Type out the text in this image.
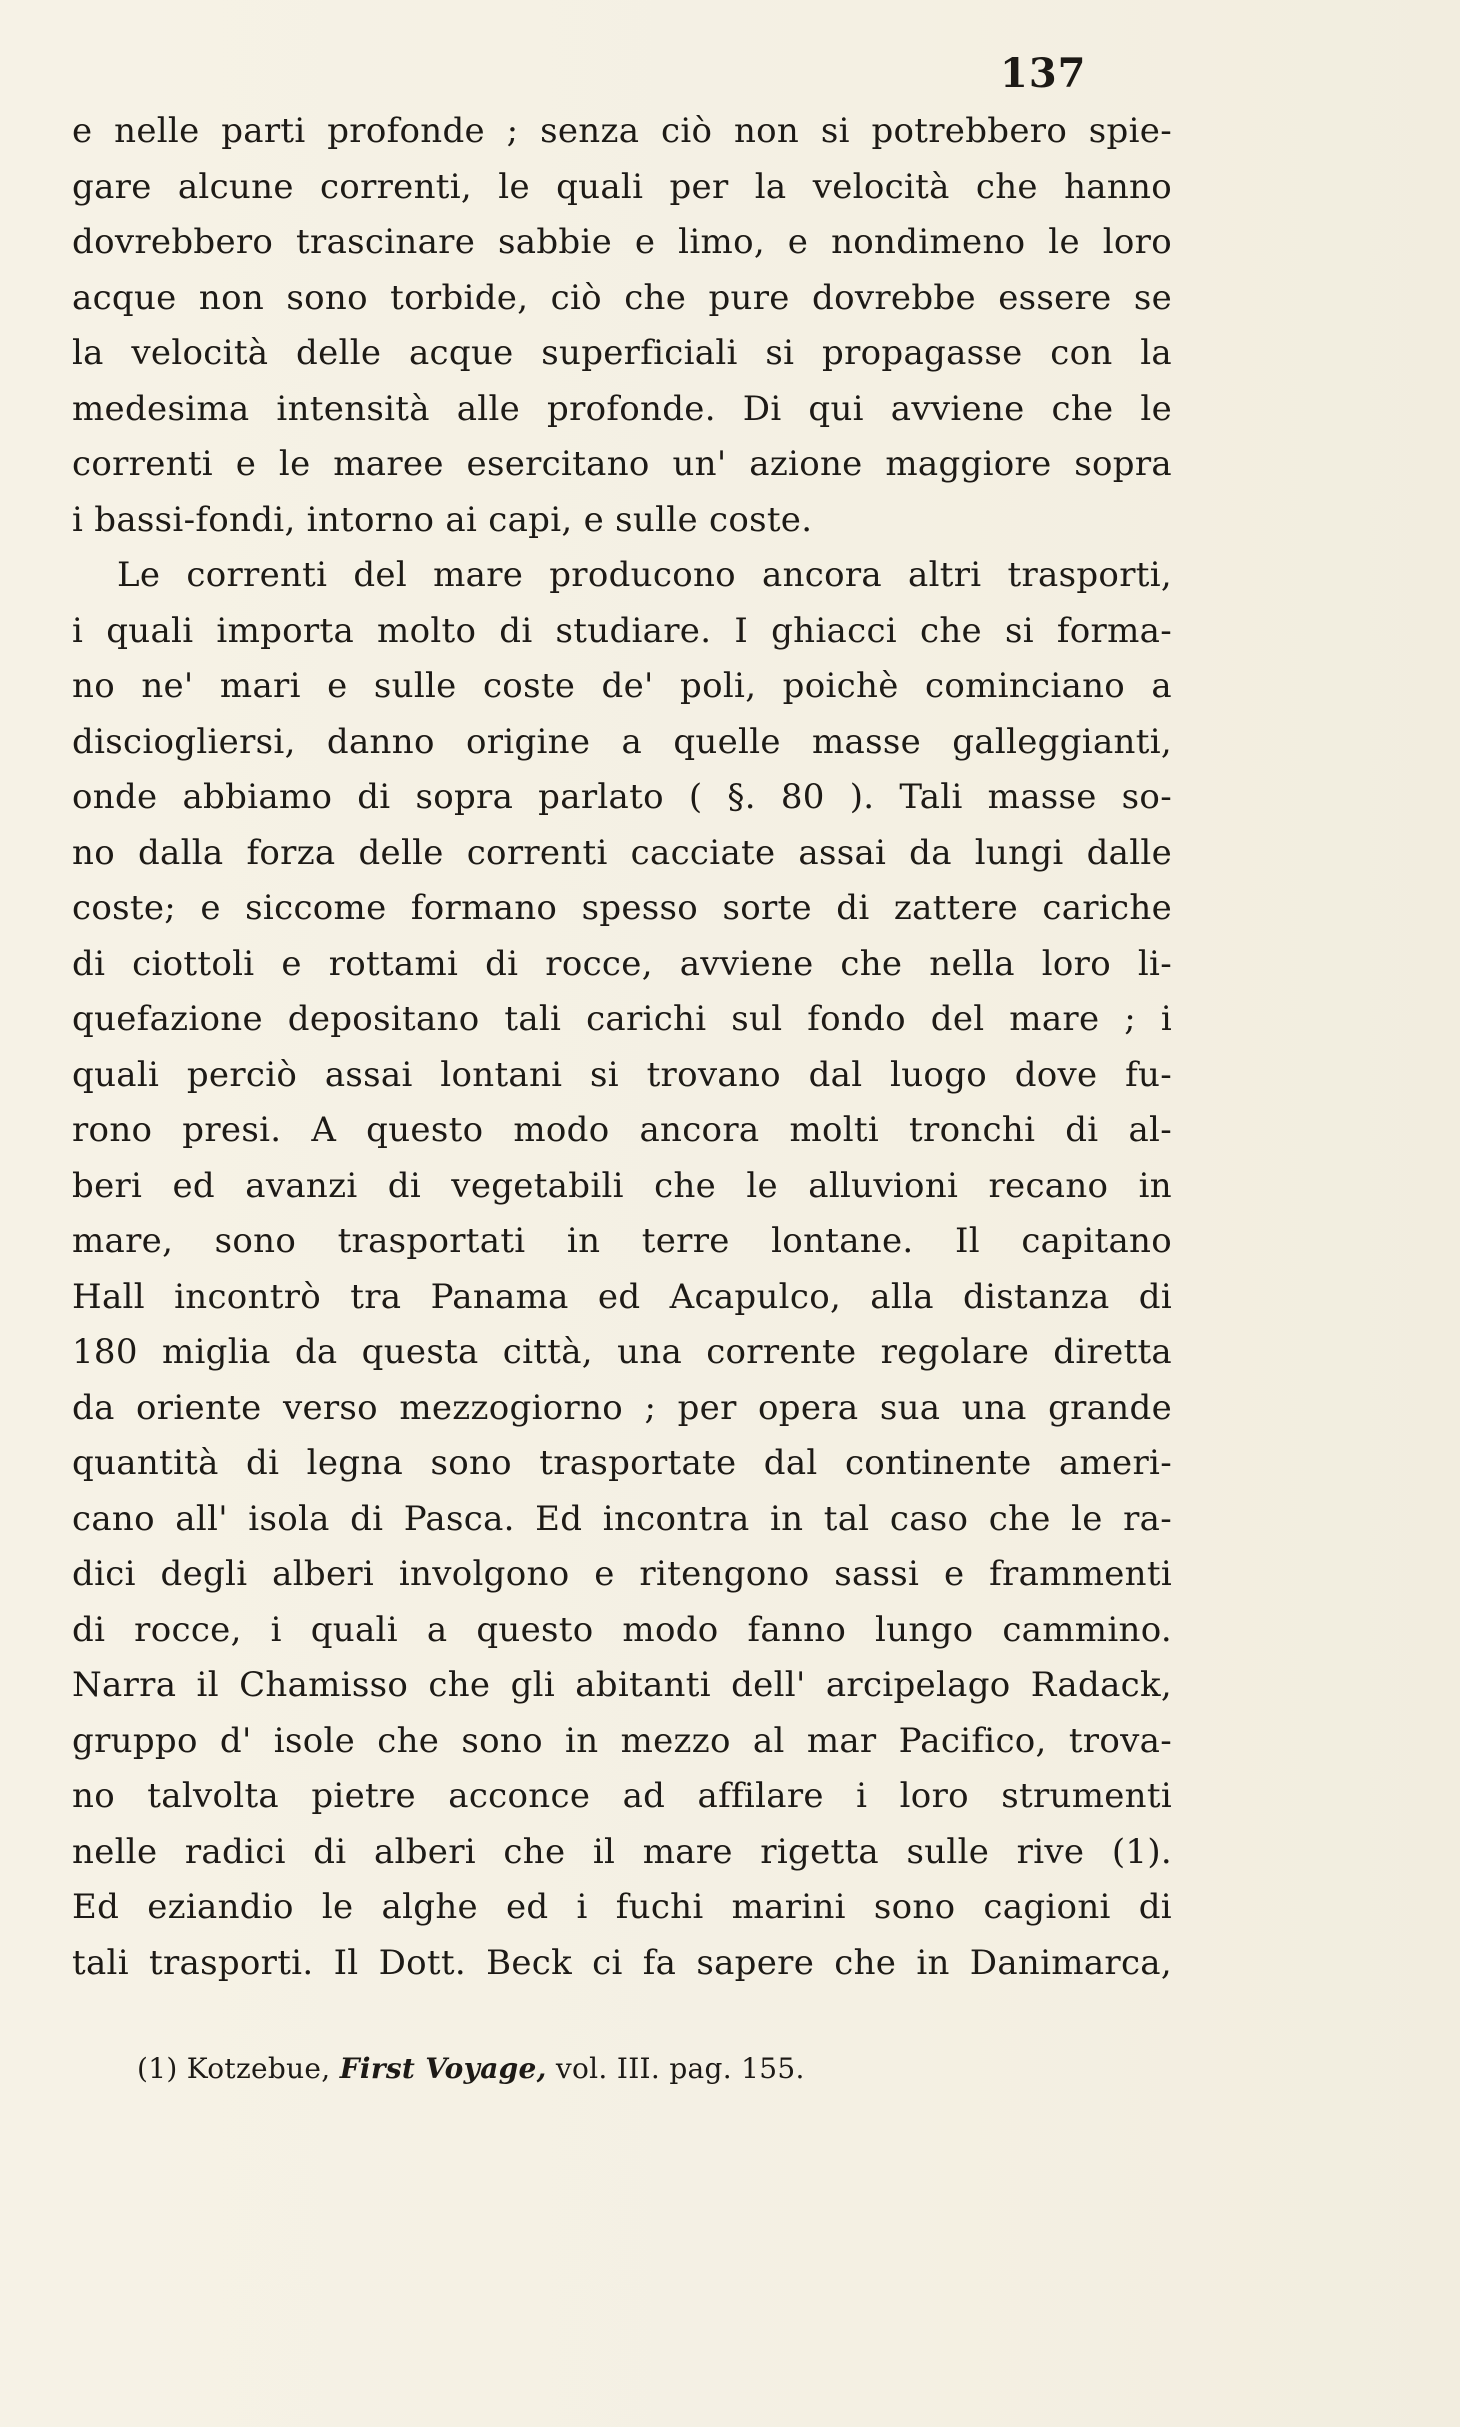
137
e nelle parti profonde ; senza ciò non si potrebbero spie-
gare alcune correnti, le quali per la velocità che hanno
dovrebbero trascinare sabbie e limo, e nondimeno le loro
acque non sono torbide, ciò che pure dovrebbe essere se
la velocità delle acque superficiali si propagasse con la
medesima intensità alle profonde. Di qui avviene che le
correnti e le maree esercitano un' azione maggiore sopra
i bassi-fondi, intorno ai capi, e sulle coste.
Le correnti del mare producono ancora altri trasporti,
i quali importa molto di studiare. I ghiacci che si forma-
no ne' mari e sulle coste de' poli, poichè cominciano a
disciogliersi, danno origine a quelle masse galleggianti,
onde abbiamo di sopra parlato ( §. 80 ). Tali masse so-
no dalla forza delle correnti cacciate assai da lungi dalle
coste; e siccome formano spesso sorte di zattere cariche
di ciottoli e rottami di rocce, avviene che nella loro li-
quefazione depositano tali carichi sul fondo del mare ; i
quali perciò assai lontani si trovano dal luogo dove fu-
rono presi. A questo modo ancora molti tronchi di al-
beri ed avanzi di vegetabili che le alluvioni recano in
mare, sono trasportati in terre lontane. Il capitano
Hall incontrò tra Panama ed Acapulco, alla distanza di
180 miglia da questa città, una corrente regolare diretta
da oriente verso mezzogiorno ; per opera sua una grande
quantità di legna sono trasportate dal continente ameri-
cano all' isola di Pasca. Ed incontra in tal caso che le ra-
dici degli alberi involgono e ritengono sassi e frammenti
di rocce, i quali a questo modo fanno lungo cammino.
Narra il Chamisso che gli abitanti dell' arcipelago Radack,
gruppo d' isole che sono in mezzo al mar Pacifico, trova-
no talvolta pietre acconce ad affilare i loro strumenti
nelle radici di alberi che il mare rigetta sulle rive (1).
Ed eziandio le alghe ed i fuchi marini sono cagioni di
tali trasporti. Il Dott. Beck ci fa sapere che in Danimarca,
(1) Kotzebue, First Voyage, vol. III. pag. 155.
